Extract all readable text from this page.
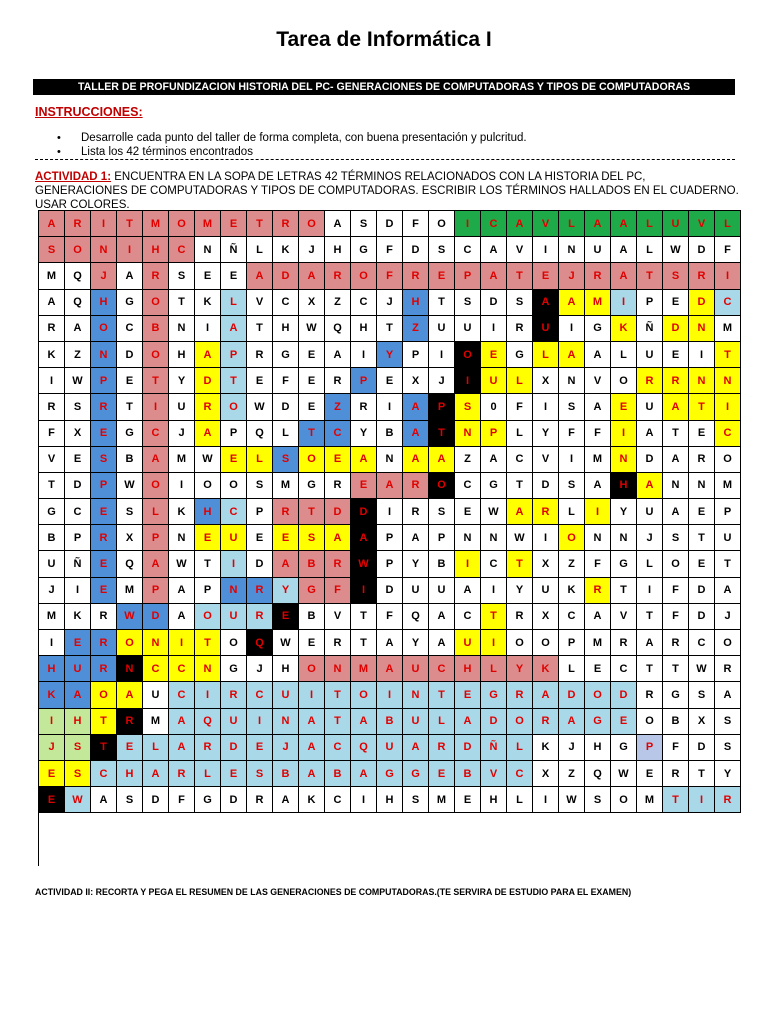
Tarea de Informática I
TALLER DE PROFUNDIZACION HISTORIA DEL PC- GENERACIONES DE COMPUTADORAS Y TIPOS DE COMPUTADORAS
INSTRUCCIONES:
• Desarrolle cada punto del taller de forma completa, con buena presentación y pulcritud.
• Lista los 42 términos encontrados
ACTIVIDAD 1: ENCUENTRA EN LA SOPA DE LETRAS 42 TÉRMINOS RELACIONADOS CON LA HISTORIA DEL PC, GENERACIONES DE COMPUTADORAS Y TIPOS DE COMPUTADORAS. ESCRIBIR LOS TÉRMINOS HALLADOS EN EL CUADERNO. USAR COLORES.
A	R	I	T	M	O	M	E	T	R	O	A	S	D	F	O	I	C	A	V	L	A	A	L	U	V	L
S	O	N	I	H	C	N	Ñ	L	K	J	H	G	F	D	S	C	A	V	I	N	U	A	L	W	D	F
M	Q	J	A	R	S	E	E	A	D	A	R	O	F	R	E	P	A	T	E	J	R	A	T	S	R	I
A	Q	H	G	O	T	K	L	V	C	X	Z	C	J	H	T	S	D	S	A	A	M	I	P	E	D	C
R	A	O	C	B	N	I	A	T	H	W	Q	H	T	Z	U	U	I	R	U	I	G	K	Ñ	D	N	M
K	Z	N	D	O	H	A	P	R	G	E	A	I	Y	P	I	O	E	G	L	A	A	L	U	E	I	T
I	W	P	E	T	Y	D	T	E	F	E	R	P	E	X	J	I	U	L	X	N	V	O	R	R	N	N
R	S	R	T	I	U	R	O	W	D	E	Z	R	I	A	P	S	0	F	I	S	A	E	U	A	T	I
F	X	E	G	C	J	A	P	Q	L	T	C	Y	B	A	T	N	P	L	Y	F	F	I	A	T	E	C
V	E	S	B	A	M	W	E	L	S	O	E	A	N	A	A	Z	A	C	V	I	M	N	D	A	R	O
T	D	P	W	O	I	O	O	S	M	G	R	E	A	R	O	C	G	T	D	S	A	H	A	N	N	M
G	C	E	S	L	K	H	C	P	R	T	D	D	I	R	S	E	W	A	R	L	I	Y	U	A	E	P
B	P	R	X	P	N	E	U	E	E	S	A	A	P	A	P	N	N	W	I	O	N	N	J	S	T	U
U	Ñ	E	Q	A	W	T	I	D	A	B	R	W	P	Y	B	I	C	T	X	Z	F	G	L	O	E	T
J	I	E	M	P	A	P	N	R	Y	G	F	I	D	U	U	A	I	Y	U	K	R	T	I	F	D	A
M	K	R	W	D	A	O	U	R	E	B	V	T	F	Q	A	C	T	R	X	C	A	V	T	F	D	J
I	E	R	O	N	I	T	O	Q	W	E	R	T	A	Y	A	U	I	O	O	P	M	R	A	R	C	O
H	U	R	N	C	C	N	G	J	H	O	N	M	A	U	C	H	L	Y	K	L	E	C	T	T	W	R
K	A	O	A	U	C	I	R	C	U	I	T	O	I	N	T	E	G	R	A	D	O	D	R	G	S	A
I	H	T	R	M	A	Q	U	I	N	A	T	A	B	U	L	A	D	O	R	A	G	E	O	B	X	S
J	S	T	E	L	A	R	D	E	J	A	C	Q	U	A	R	D	Ñ	L	K	J	H	G	P	F	D	S
E	S	C	H	A	R	L	E	S	B	A	B	A	G	G	E	B	V	C	X	Z	Q	W	E	R	T	Y
E	W	A	S	D	F	G	D	R	A	K	C	I	H	S	M	E	H	L	I	W	S	O	M	T	I	R
ACTIVIDAD II: RECORTA Y PEGA EL RESUMEN DE LAS GENERACIONES DE COMPUTADORAS.(TE SERVIRA DE ESTUDIO PARA EL EXAMEN)
